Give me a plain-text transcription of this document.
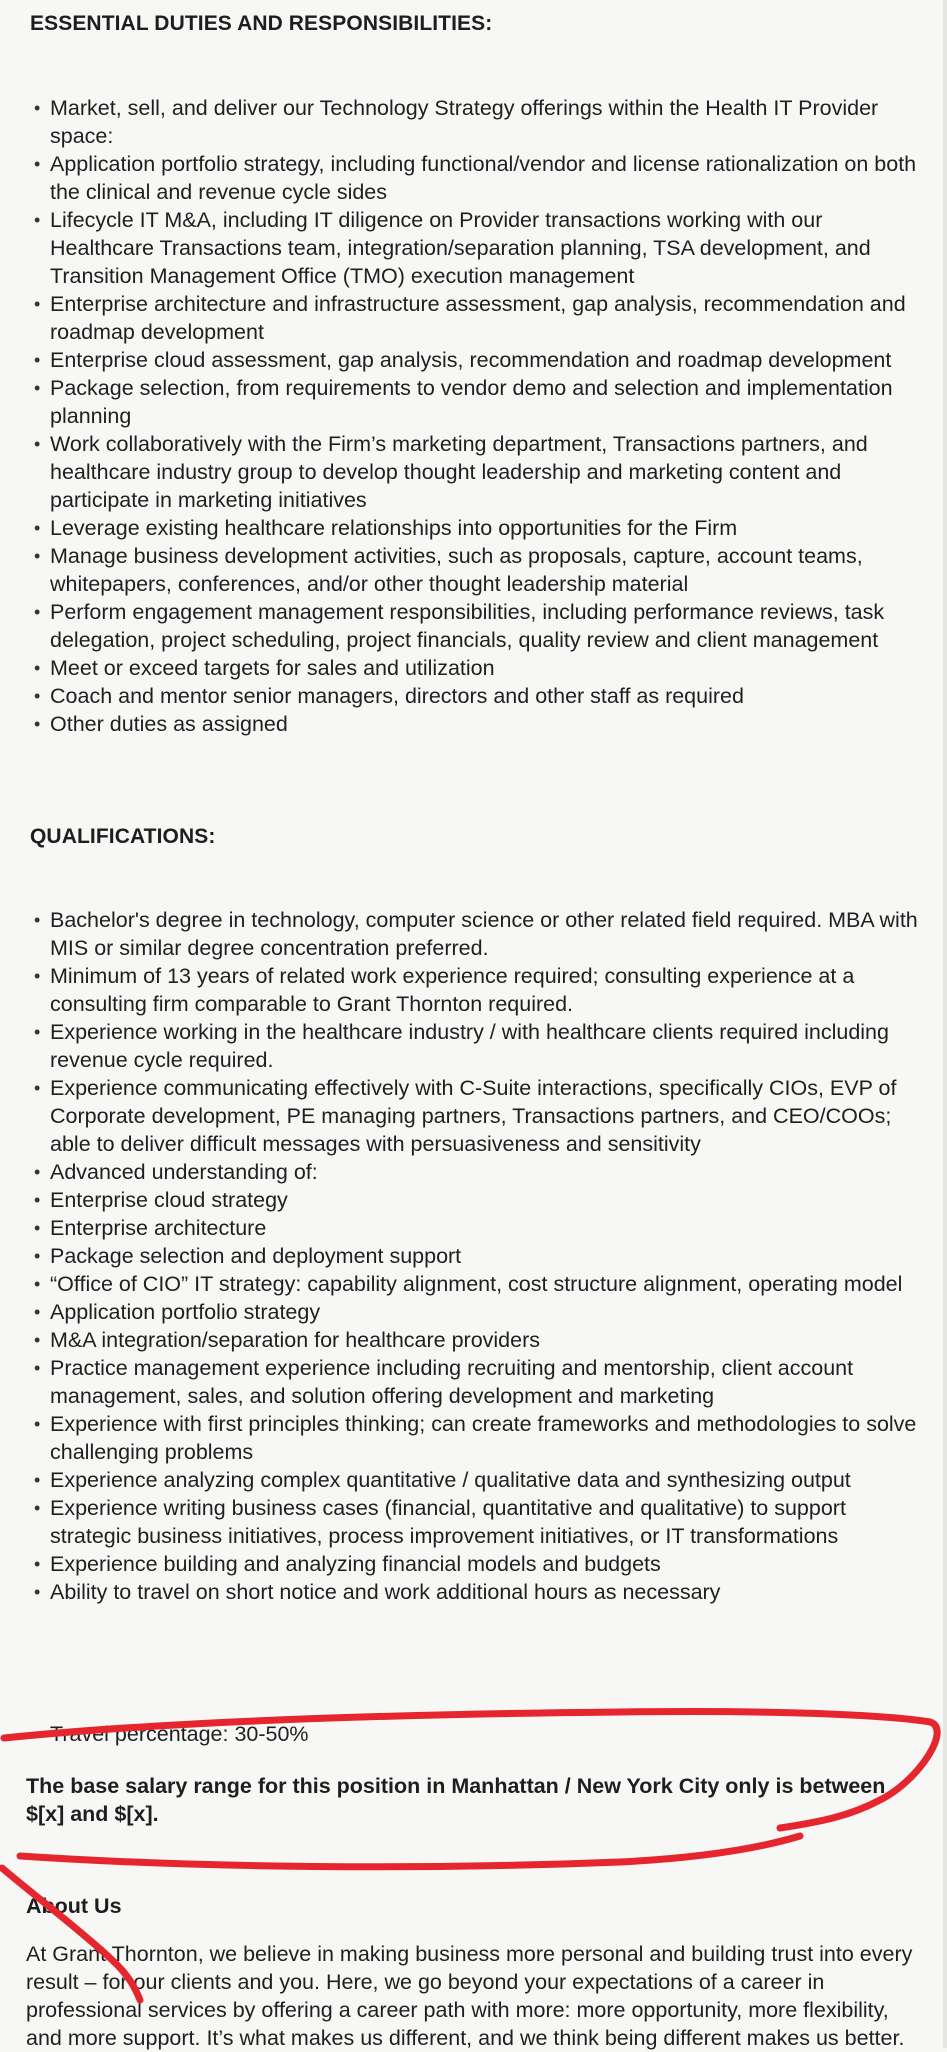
ESSENTIAL DUTIES AND RESPONSIBILITIES:
• Market, sell, and deliver our Technology Strategy offerings within the Health IT Provider space:
• Application portfolio strategy, including functional/vendor and license rationalization on both the clinical and revenue cycle sides
• Lifecycle IT M&A, including IT diligence on Provider transactions working with our Healthcare Transactions team, integration/separation planning, TSA development, and Transition Management Office (TMO) execution management
• Enterprise architecture and infrastructure assessment, gap analysis, recommendation and roadmap development
• Enterprise cloud assessment, gap analysis, recommendation and roadmap development
• Package selection, from requirements to vendor demo and selection and implementation planning
• Work collaboratively with the Firm’s marketing department, Transactions partners, and healthcare industry group to develop thought leadership and marketing content and participate in marketing initiatives
• Leverage existing healthcare relationships into opportunities for the Firm
• Manage business development activities, such as proposals, capture, account teams, whitepapers, conferences, and/or other thought leadership material
• Perform engagement management responsibilities, including performance reviews, task delegation, project scheduling, project financials, quality review and client management
• Meet or exceed targets for sales and utilization
• Coach and mentor senior managers, directors and other staff as required
• Other duties as assigned
QUALIFICATIONS:
• Bachelor's degree in technology, computer science or other related field required. MBA with MIS or similar degree concentration preferred.
• Minimum of 13 years of related work experience required; consulting experience at a consulting firm comparable to Grant Thornton required.
• Experience working in the healthcare industry / with healthcare clients required including revenue cycle required.
• Experience communicating effectively with C-Suite interactions, specifically CIOs, EVP of Corporate development, PE managing partners, Transactions partners, and CEO/COOs; able to deliver difficult messages with persuasiveness and sensitivity
• Advanced understanding of:
• Enterprise cloud strategy
• Enterprise architecture
• Package selection and deployment support
• “Office of CIO” IT strategy: capability alignment, cost structure alignment, operating model
• Application portfolio strategy
• M&A integration/separation for healthcare providers
• Practice management experience including recruiting and mentorship, client account management, sales, and solution offering development and marketing
• Experience with first principles thinking; can create frameworks and methodologies to solve challenging problems
• Experience analyzing complex quantitative / qualitative data and synthesizing output
• Experience writing business cases (financial, quantitative and qualitative) to support strategic business initiatives, process improvement initiatives, or IT transformations
• Experience building and analyzing financial models and budgets
• Ability to travel on short notice and work additional hours as necessary
Travel percentage: 30-50%
The base salary range for this position in Manhattan / New York City only is between $[x] and $[x].
About Us
At Grant Thornton, we believe in making business more personal and building trust into every result – for our clients and you. Here, we go beyond your expectations of a career in professional services by offering a career path with more: more opportunity, more flexibility, and more support. It’s what makes us different, and we think being different makes us better.
